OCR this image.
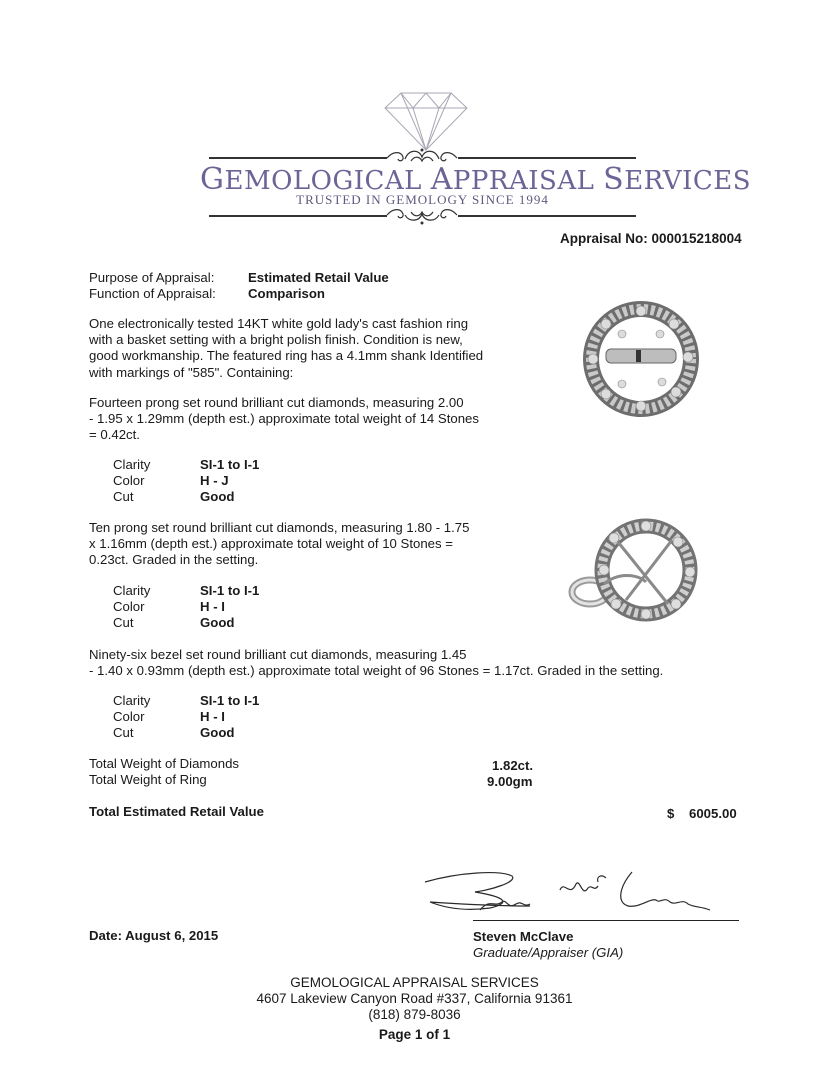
GEMOLOGICAL APPRAISAL SERVICES
TRUSTED IN GEMOLOGY SINCE 1994
Appraisal No: 000015218004
Purpose of Appraisal:	Estimated Retail Value
Function of Appraisal: Comparison
One electronically tested 14KT white gold lady's cast fashion ring
with a basket setting with a bright polish finish. Condition is new,
good workmanship. The featured ring has a 4.1mm shank Identified
with markings of "585". Containing:
Fourteen prong set round brilliant cut diamonds, measuring 2.00
- 1.95 x 1.29mm (depth est.) approximate total weight of 14 Stones
= 0.42ct.
Clarity	SI-1 to I-1
Color	H - J
Cut	Good
Ten prong set round brilliant cut diamonds, measuring 1.80 - 1.75
x 1.16mm (depth est.) approximate total weight of 10 Stones =
0.23ct. Graded in the setting.
Clarity	SI-1 to I-1
Color	H - I
Cut	Good
Ninety-six bezel set round brilliant cut diamonds, measuring 1.45
- 1.40 x 0.93mm (depth est.) approximate total weight of 96 Stones = 1.17ct. Graded in the setting.
Clarity	SI-1 to I-1
Color	H - I
Cut	Good
Total Weight of Diamonds	1.82ct.
Total Weight of Ring	9.00gm
Total Estimated Retail Value	$ 6005.00
Date: August 6, 2015	Steven McClave
Graduate/Appraiser (GIA)
GEMOLOGICAL APPRAISAL SERVICES
4607 Lakeview Canyon Road #337, California 91361
(818) 879-8036
Page 1 of 1
